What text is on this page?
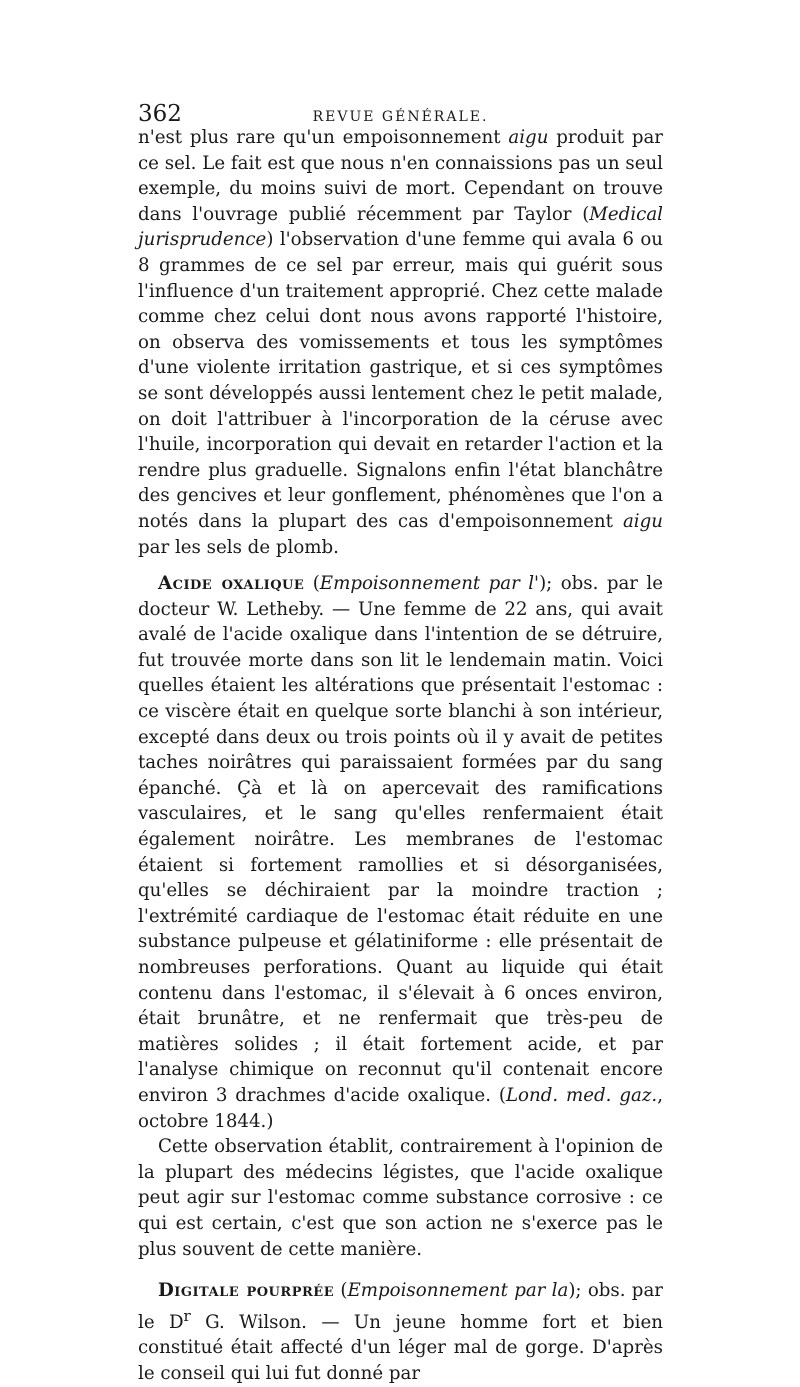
362	REVUE GÉNÉRALE.

n'est plus rare qu'un empoisonnement aigu produit par ce sel. Le fait est que nous n'en connaissions pas un seul exemple, du moins suivi de mort. Cependant on trouve dans l'ouvrage publié récemment par Taylor (Medical jurisprudence) l'observation d'une femme qui avala 6 ou 8 grammes de ce sel par erreur, mais qui guérit sous l'influence d'un traitement approprié. Chez cette malade comme chez celui dont nous avons rapporté l'histoire, on observa des vomissements et tous les symptômes d'une violente irritation gastrique, et si ces symptômes se sont développés aussi lentement chez le petit malade, on doit l'attribuer à l'incorporation de la céruse avec l'huile, incorporation qui devait en retarder l'action et la rendre plus graduelle. Signalons enfin l'état blanchâtre des gencives et leur gonflement, phénomènes que l'on a notés dans la plupart des cas d'empoisonnement aigu par les sels de plomb.

Acide oxalique (Empoisonnement par l'); obs. par le docteur W. Letheby. — Une femme de 22 ans, qui avait avalé de l'acide oxalique dans l'intention de se détruire, fut trouvée morte dans son lit le lendemain matin. Voici quelles étaient les altérations que présentait l'estomac : ce viscère était en quelque sorte blanchi à son intérieur, excepté dans deux ou trois points où il y avait de petites taches noirâtres qui paraissaient formées par du sang épanché. Çà et là on apercevait des ramifications vasculaires, et le sang qu'elles renfermaient était également noirâtre. Les membranes de l'estomac étaient si fortement ramollies et si désorganisées, qu'elles se déchiraient par la moindre traction ; l'extrémité cardiaque de l'estomac était réduite en une substance pulpeuse et gélatiniforme : elle présentait de nombreuses perforations. Quant au liquide qui était contenu dans l'estomac, il s'élevait à 6 onces environ, était brunâtre, et ne renfermait que très-peu de matières solides ; il était fortement acide, et par l'analyse chimique on reconnut qu'il contenait encore environ 3 drachmes d'acide oxalique. (Lond. med. gaz., octobre 1844.)

Cette observation établit, contrairement à l'opinion de la plupart des médecins légistes, que l'acide oxalique peut agir sur l'estomac comme substance corrosive : ce qui est certain, c'est que son action ne s'exerce pas le plus souvent de cette manière.

Digitale pourprée (Empoisonnement par la); obs. par le $D^r$ G. Wilson. — Un jeune homme fort et bien constitué était affecté d'un léger mal de gorge. D'après le conseil qui lui fut donné par
